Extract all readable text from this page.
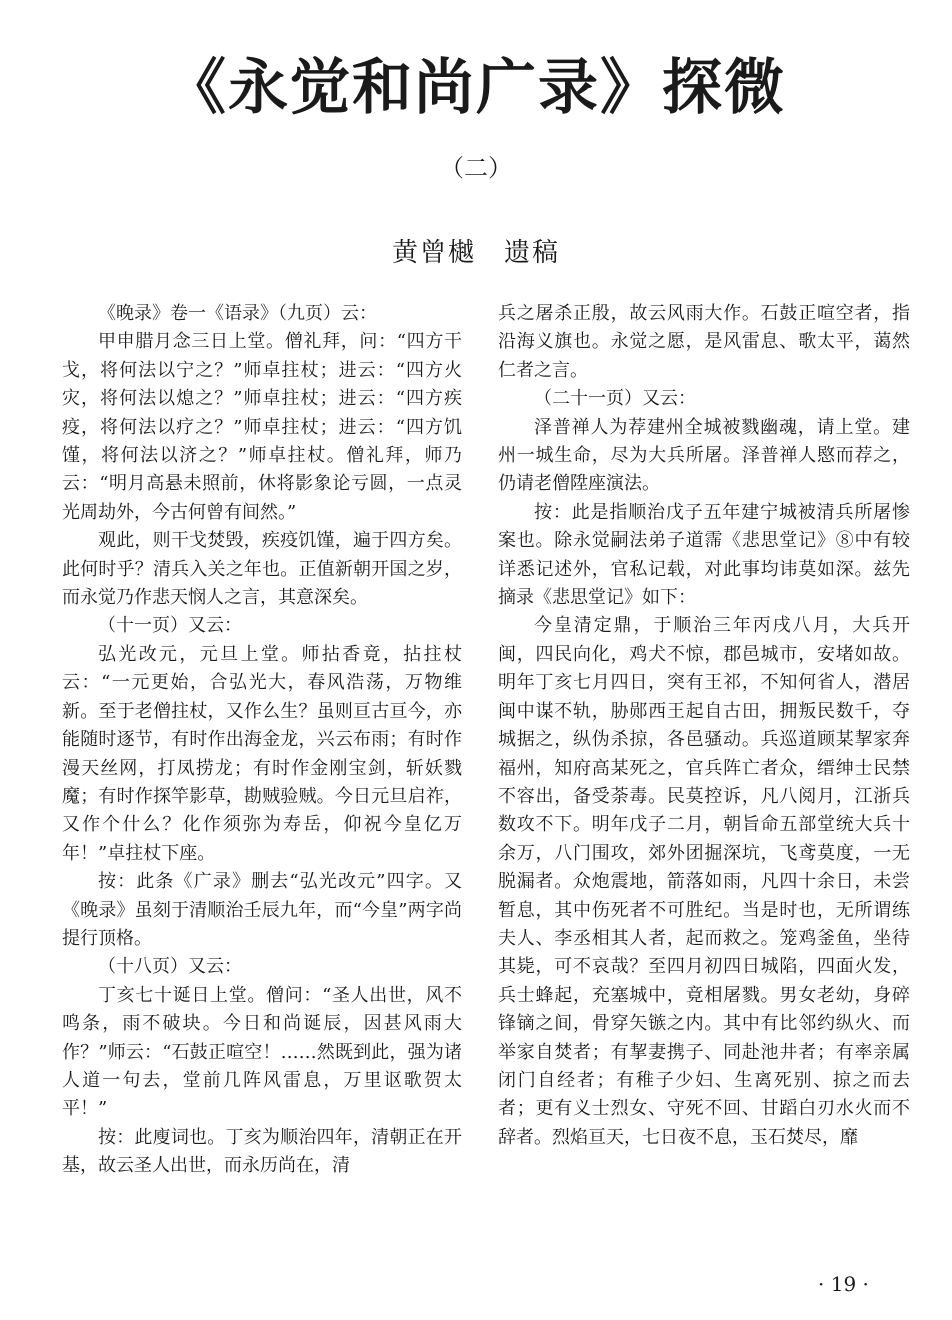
《永觉和尚广录》探微
（二）
黄曾樾　遗稿

《晚录》卷一《语录》（九页）云：

甲申腊月念三日上堂。僧礼拜，问：“四方干戈，将何法以宁之？”师卓拄杖；进云：“四方火灾，将何法以熄之？”师卓拄杖；进云：“四方疾疫，将何法以疗之？”师卓拄杖；进云：“四方饥馑，将何法以济之？”师卓拄杖。僧礼拜，师乃云：“明月高悬未照前，休将影象论亏圆，一点灵光周劫外，今古何曾有间然。”

观此，则干戈焚毁，疾疫饥馑，遍于四方矣。此何时乎？清兵入关之年也。正值新朝开国之岁，而永觉乃作悲天悯人之言，其意深矣。

（十一页）又云：

弘光改元，元旦上堂。师拈香竟，拈拄杖云：“一元更始，合弘光大，春风浩荡，万物维新。至于老僧拄杖，又作么生？虽则亘古亘今，亦能随时逐节，有时作出海金龙，兴云布雨；有时作漫天丝网，打凤捞龙；有时作金刚宝剑，斩妖戮魔；有时作探竿影草，勘贼验贼。今日元旦启祚，又作个什么？化作须弥为寿岳，仰祝今皇亿万年！”卓拄杖下座。

按：此条《广录》删去“弘光改元”四字。又《晚录》虽刻于清顺治壬辰九年，而“今皇”两字尚提行顶格。

（十八页）又云：

丁亥七十诞日上堂。僧问：“圣人出世，风不鸣条，雨不破块。今日和尚诞辰，因甚风雨大作？”师云：“石鼓正喧空！……然既到此，强为诸人道一句去，堂前几阵风雷息，万里讴歌贺太平！”

按：此廋词也。丁亥为顺治四年，清朝正在开基，故云圣人出世，而永历尚在，清

兵之屠杀正殷，故云风雨大作。石鼓正喧空者，指沿海义旗也。永觉之愿，是风雷息、歌太平，蔼然仁者之言。

（二十一页）又云：

泽普禅人为荐建州全城被戮幽魂，请上堂。建州一城生命，尽为大兵所屠。泽普禅人愍而荐之，仍请老僧陞座演法。

按：此是指顺治戊子五年建宁城被清兵所屠惨案也。除永觉嗣法弟子道霈《悲思堂记》⑧中有较详悉记述外，官私记载，对此事均讳莫如深。兹先摘录《悲思堂记》如下：

今皇清定鼎，于顺治三年丙戌八月，大兵开闽，四民向化，鸡犬不惊，郡邑城市，安堵如故。明年丁亥七月四日，突有王祁，不知何省人，潜居闽中谋不轨，胁郧西王起自古田，拥叛民数千，夺城据之，纵伪杀掠，各邑骚动。兵巡道顾某挈家奔福州，知府高某死之，官兵阵亡者众，缙绅士民禁不容出，备受荼毒。民莫控诉，凡八阅月，江浙兵数攻不下。明年戊子二月，朝旨命五部堂统大兵十余万，八门围攻，郊外团掘深坑，飞鸢莫度，一无脱漏者。众炮震地，箭落如雨，凡四十余日，未尝暂息，其中伤死者不可胜纪。当是时也，无所谓练夫人、李丞相其人者，起而救之。笼鸡釜鱼，坐待其毙，可不哀哉？至四月初四日城陷，四面火发，兵士蜂起，充塞城中，竟相屠戮。男女老幼，身碎锋镝之间，骨穿矢镞之内。其中有比邻约纵火、而举家自焚者；有挈妻携子、同赴池井者；有率亲属闭门自经者；有稚子少妇、生离死别、掠之而去者；更有义士烈女、守死不回、甘蹈白刃水火而不辞者。烈焰亘天，七日夜不息，玉石焚尽，靡

· 19 ·
